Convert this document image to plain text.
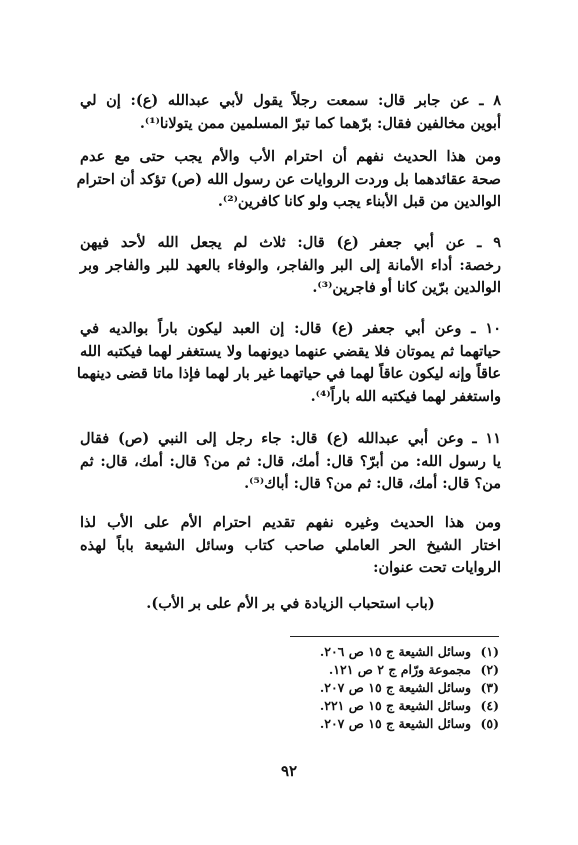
٨ ـ عن جابر قال: سمعت رجلاً يقول لأبي عبدالله (ع): إن لي
أبوين مخالفين فقال: برّهما كما تبرّ المسلمين ممن يتولانا⁽¹⁾.
ومن هذا الحديث نفهم أن احترام الأب والأم يجب حتى مع عدم
صحة عقائدهما بل وردت الروايات عن رسول الله (ص) تؤكد أن احترام
الوالدين من قبل الأبناء يجب ولو كانا كافرين⁽²⁾.
٩ ـ عن أبي جعفر (ع) قال: ثلاث لم يجعل الله لأحد فيهن
رخصة: أداء الأمانة إلى البر والفاجر، والوفاء بالعهد للبر والفاجر وبر
الوالدين برّين كانا أو فاجرين⁽³⁾.
١٠ ـ وعن أبي جعفر (ع) قال: إن العبد ليكون باراً بوالديه في
حياتهما ثم يموتان فلا يقضي عنهما ديونهما ولا يستغفر لهما فيكتبه الله
عاقاً وإنه ليكون عاقاً لهما في حياتهما غير بار لهما فإذا ماتا قضى دينهما
واستغفر لهما فيكتبه الله باراً⁽⁴⁾.
١١ ـ وعن أبي عبدالله (ع) قال: جاء رجل إلى النبي (ص) فقال
يا رسول الله: من أبرّ؟ قال: أمك، قال: ثم من؟ قال: أمك، قال: ثم
من؟ قال: أمك، قال: ثم من؟ قال: أباك⁽⁵⁾.
ومن هذا الحديث وغيره نفهم تقديم احترام الأم على الأب لذا
اختار الشيخ الحر العاملي صاحب كتاب وسائل الشيعة باباً لهذه
الروايات تحت عنوان:
(باب استحباب الزيادة في بر الأم على بر الأب).
(١)وسائل الشيعة ج ١٥ ص ٢٠٦.
(٢)مجموعة ورّام ج ٢ ص ١٢١.
(٣)وسائل الشيعة ج ١٥ ص ٢٠٧.
(٤)وسائل الشيعة ج ١٥ ص ٢٢١.
(٥)وسائل الشيعة ج ١٥ ص ٢٠٧.
٩٢
